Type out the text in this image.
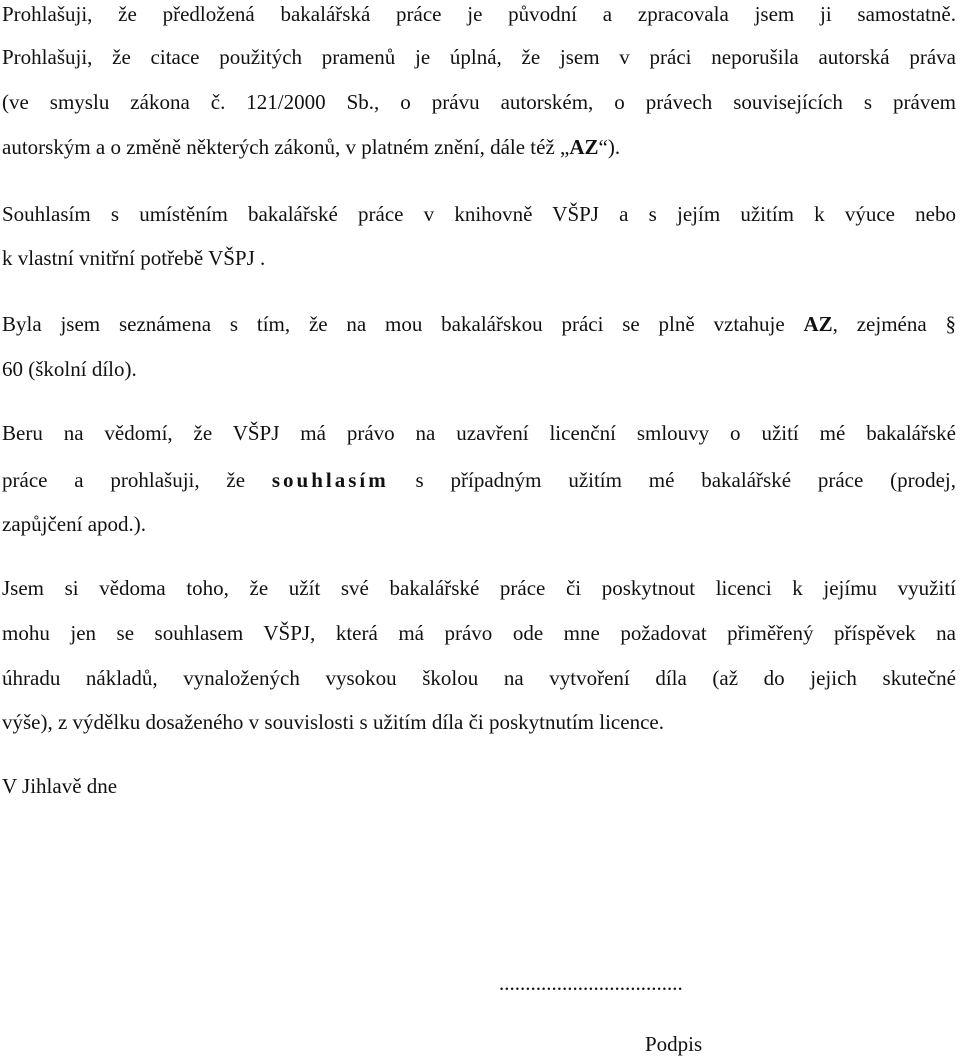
Prohlašuji, že předložená bakalářská práce je původní a zpracovala jsem ji samostatně.
Prohlašuji, že citace použitých pramenů je úplná, že jsem v práci neporušila autorská práva
(ve smyslu zákona č. 121/2000 Sb., o právu autorském, o právech souvisejících s právem
autorským a o změně některých zákonů, v platném znění, dále též „AZ“).
Souhlasím s umístěním bakalářské práce v knihovně VŠPJ a s jejím užitím k výuce nebo
k vlastní vnitřní potřebě VŠPJ .
Byla jsem seznámena s tím, že na mou bakalářskou práci se plně vztahuje AZ, zejména §
60 (školní dílo).
Beru na vědomí, že VŠPJ má právo na uzavření licenční smlouvy o užití mé bakalářské
práce a prohlašuji, že souhlasím s případným užitím mé bakalářské práce (prodej,
zapůjčení apod.).
Jsem si vědoma toho, že užít své bakalářské práce či poskytnout licenci k jejímu využití
mohu jen se souhlasem VŠPJ, která má právo ode mne požadovat přiměřený příspěvek na
úhradu nákladů, vynaložených vysokou školou na vytvoření díla (až do jejich skutečné
výše), z výdělku dosaženého v souvislosti s užitím díla či poskytnutím licence.
V Jihlavě dne
...................................
Podpis
